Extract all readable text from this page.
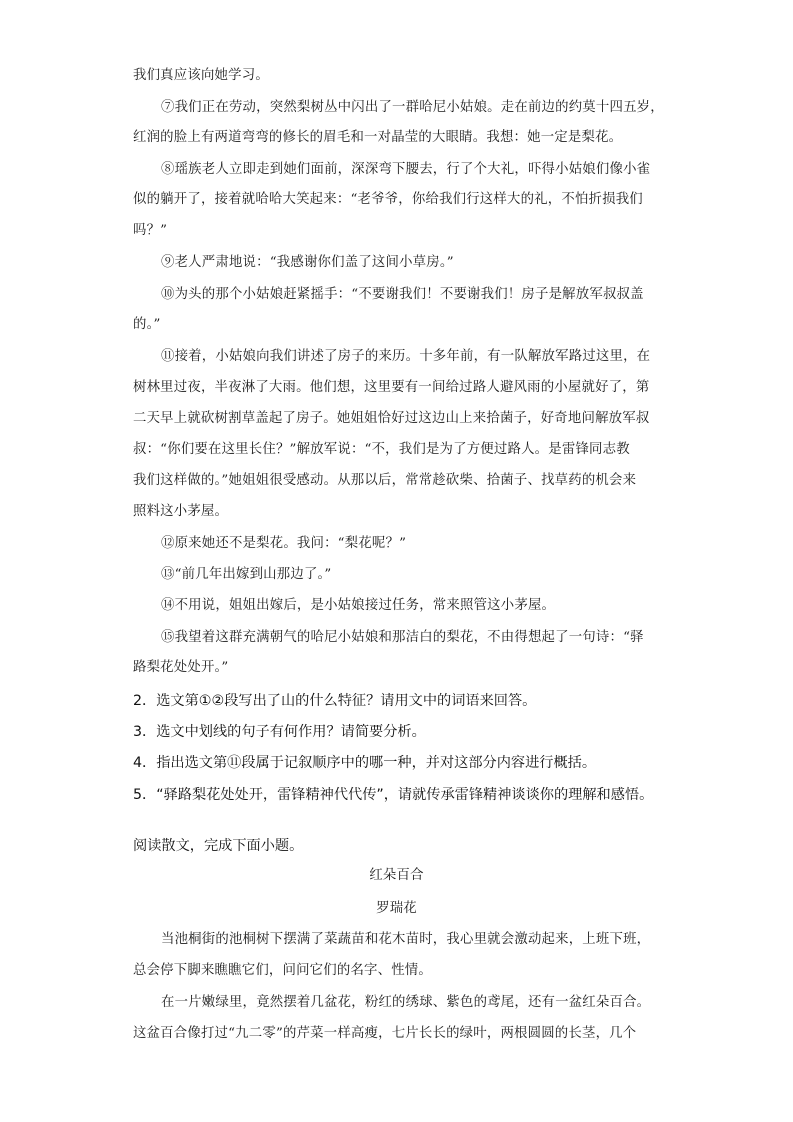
我们真应该向她学习。
⑦我们正在劳动，突然梨树丛中闪出了一群哈尼小姑娘。走在前边的约莫十四五岁，
红润的脸上有两道弯弯的修长的眉毛和一对晶莹的大眼睛。我想：她一定是梨花。
⑧瑶族老人立即走到她们面前，深深弯下腰去，行了个大礼，吓得小姑娘们像小雀
似的躺开了，接着就哈哈大笑起来：“老爷爷，你给我们行这样大的礼，不怕折损我们
吗？”
⑨老人严肃地说：“我感谢你们盖了这间小草房。”
⑩为头的那个小姑娘赶紧摇手：“不要谢我们！不要谢我们！房子是解放军叔叔盖
的。”
⑪接着，小姑娘向我们讲述了房子的来历。十多年前，有一队解放军路过这里，在
树林里过夜，半夜淋了大雨。他们想，这里要有一间给过路人避风雨的小屋就好了，第
二天早上就砍树割草盖起了房子。她姐姐恰好过这边山上来拾菌子，好奇地问解放军叔
叔：“你们要在这里长住？”解放军说：“不，我们是为了方便过路人。是雷锋同志教
我们这样做的。”她姐姐很受感动。从那以后，常常趁砍柴、拾菌子、找草药的机会来
照料这小茅屋。
⑫原来她还不是梨花。我问：“梨花呢？”
⑬“前几年出嫁到山那边了。”
⑭不用说，姐姐出嫁后，是小姑娘接过任务，常来照管这小茅屋。
⑮我望着这群充满朝气的哈尼小姑娘和那洁白的梨花，不由得想起了一句诗：“驿
路梨花处处开。”
2．选文第①②段写出了山的什么特征？请用文中的词语来回答。
3．选文中划线的句子有何作用？请简要分析。
4．指出选文第⑪段属于记叙顺序中的哪一种，并对这部分内容进行概括。
5．“驿路梨花处处开，雷锋精神代代传”，请就传承雷锋精神谈谈你的理解和感悟。
阅读散文，完成下面小题。
红朵百合
罗瑞花
当池桐街的池桐树下摆满了菜蔬苗和花木苗时，我心里就会激动起来，上班下班，
总会停下脚来瞧瞧它们，问问它们的名字、性情。
在一片嫩绿里，竟然摆着几盆花，粉红的绣球、紫色的鸢尾，还有一盆红朵百合。
这盆百合像打过“九二零”的芹菜一样高瘦，七片长长的绿叶，两根圆圆的长茎，几个
